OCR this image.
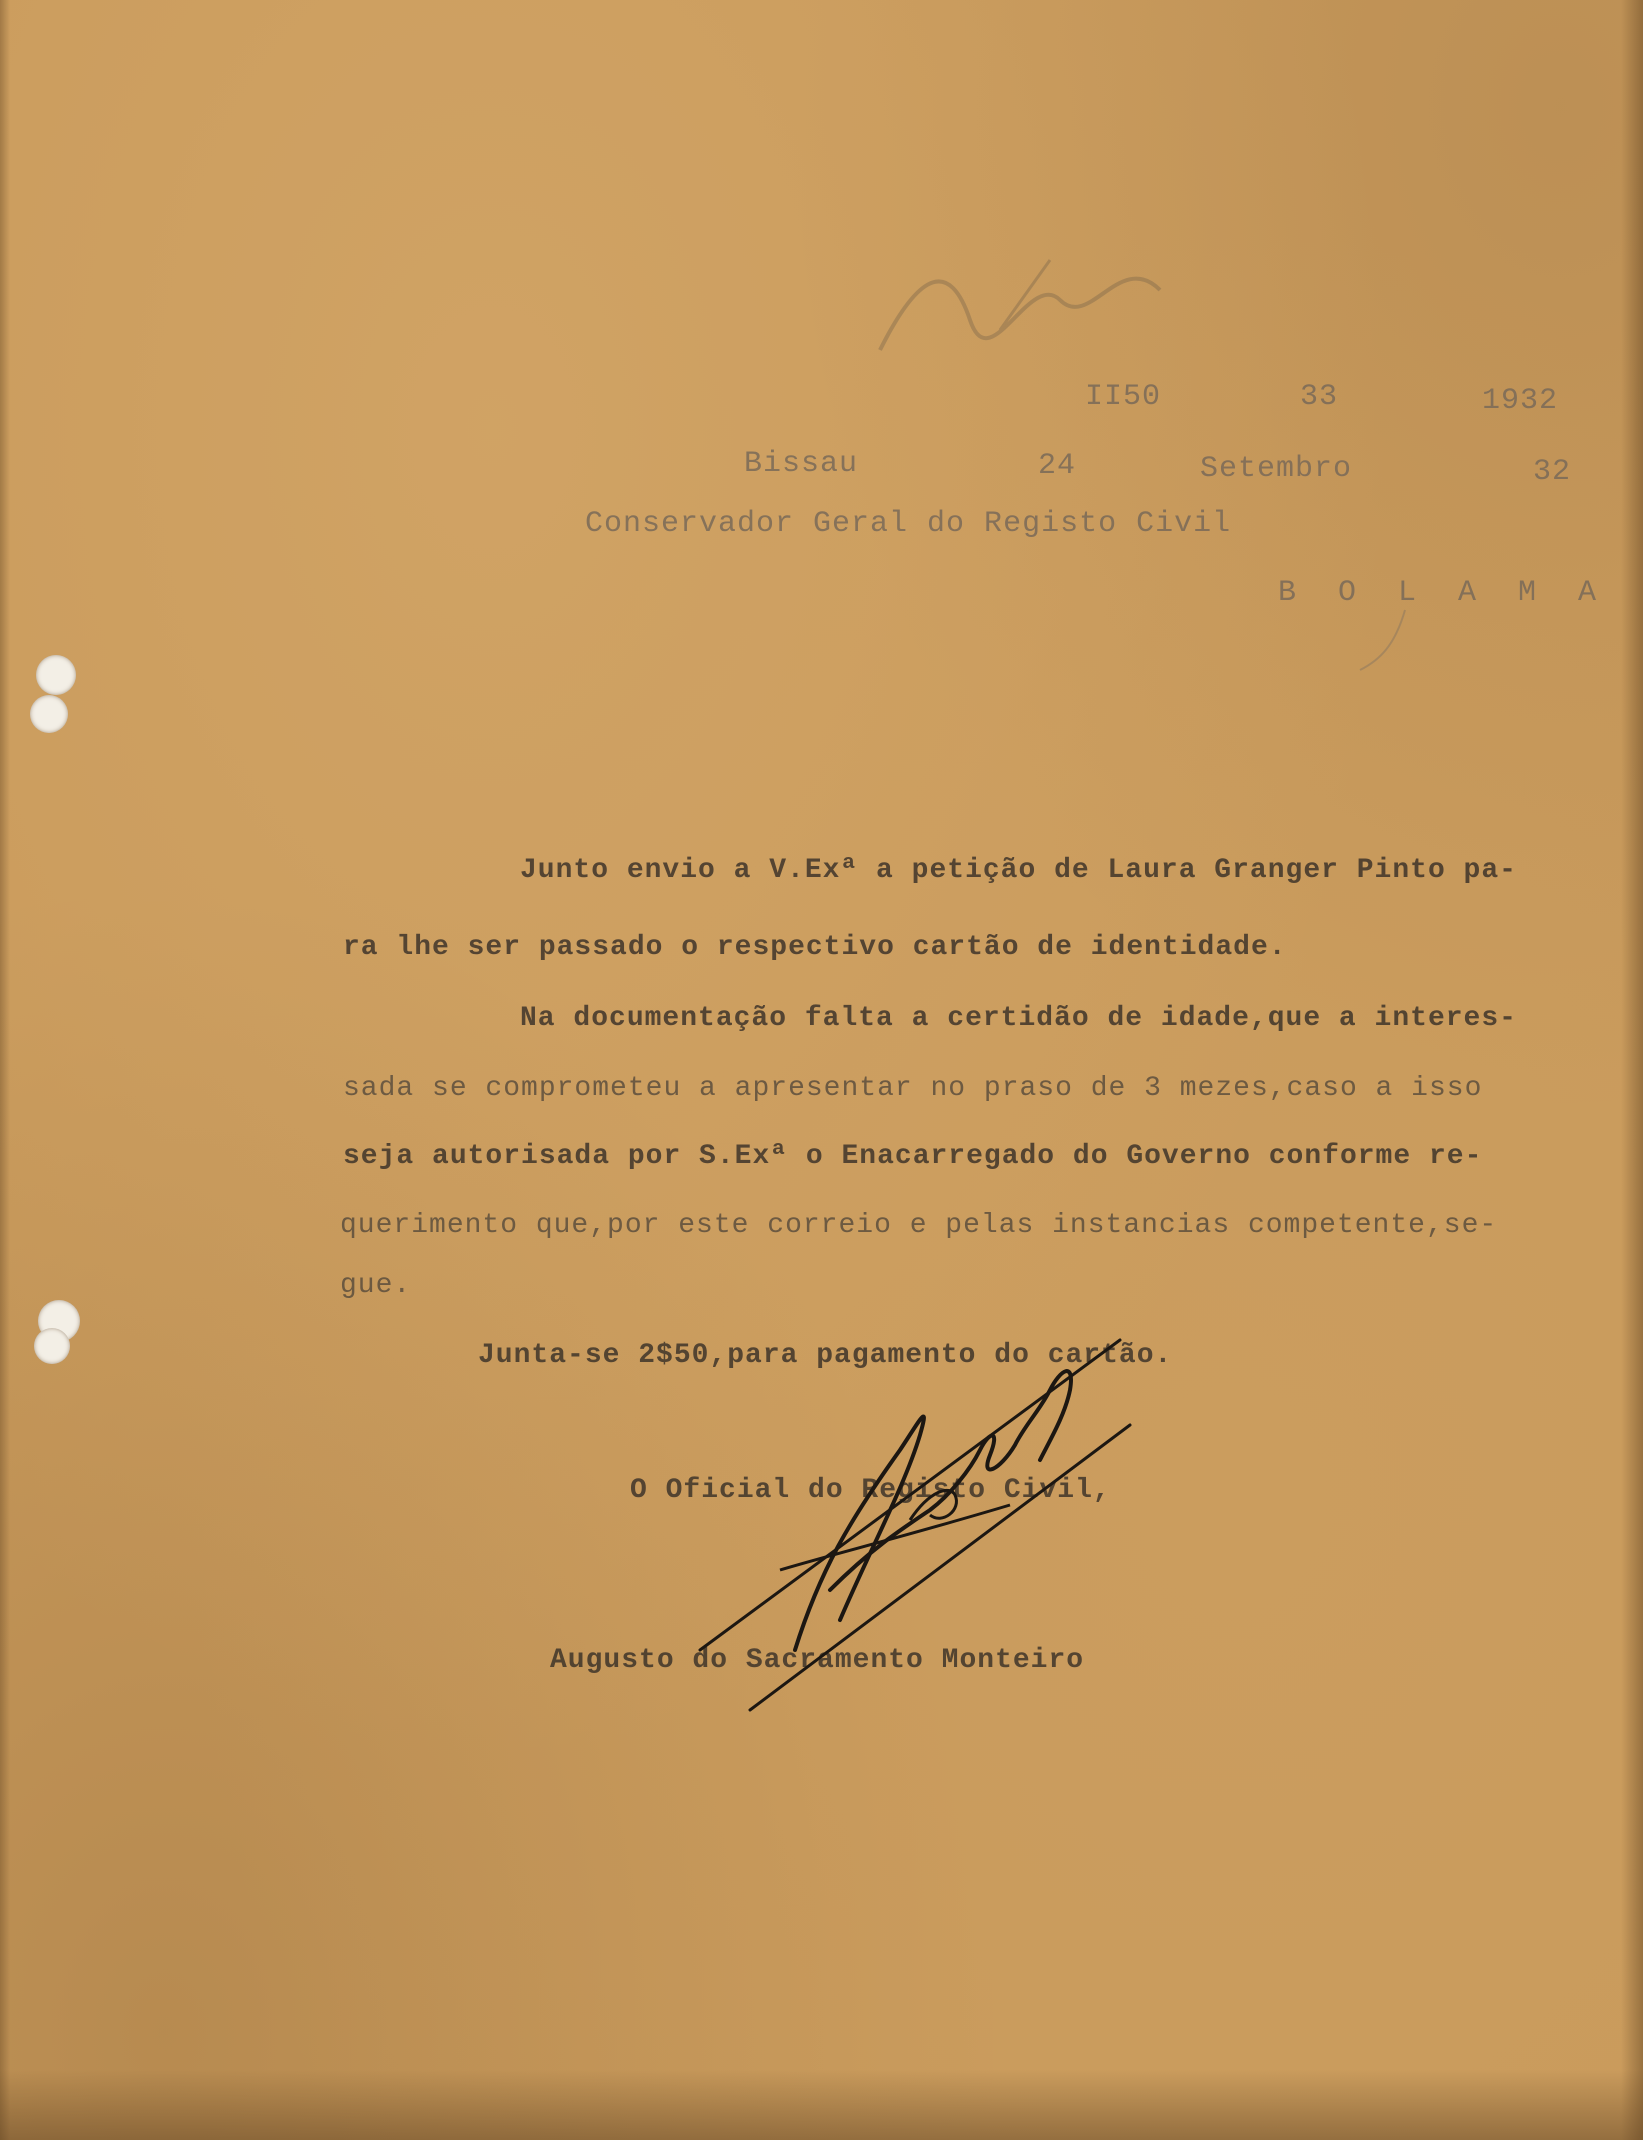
II50	33	1932
Bissau	24	Setembro	32
Conservador Geral do Registo Civil
B O L A M A
Junto envio a V.Exª a petição de Laura Granger Pinto pa-
ra lhe ser passado o respectivo cartão de identidade.
Na documentação falta a certidão de idade,que a interes-
sada se comprometeu a apresentar no praso de 3 mezes,caso a isso
seja autorisada por S.Exª o Enacarregado do Governo conforme re-
querimento que,por este correio e pelas instancias competente,se-
gue.
Junta-se 2$50,para pagamento do cartão.
O Oficial do Registo Civil,
Augusto do Sacramento Monteiro
